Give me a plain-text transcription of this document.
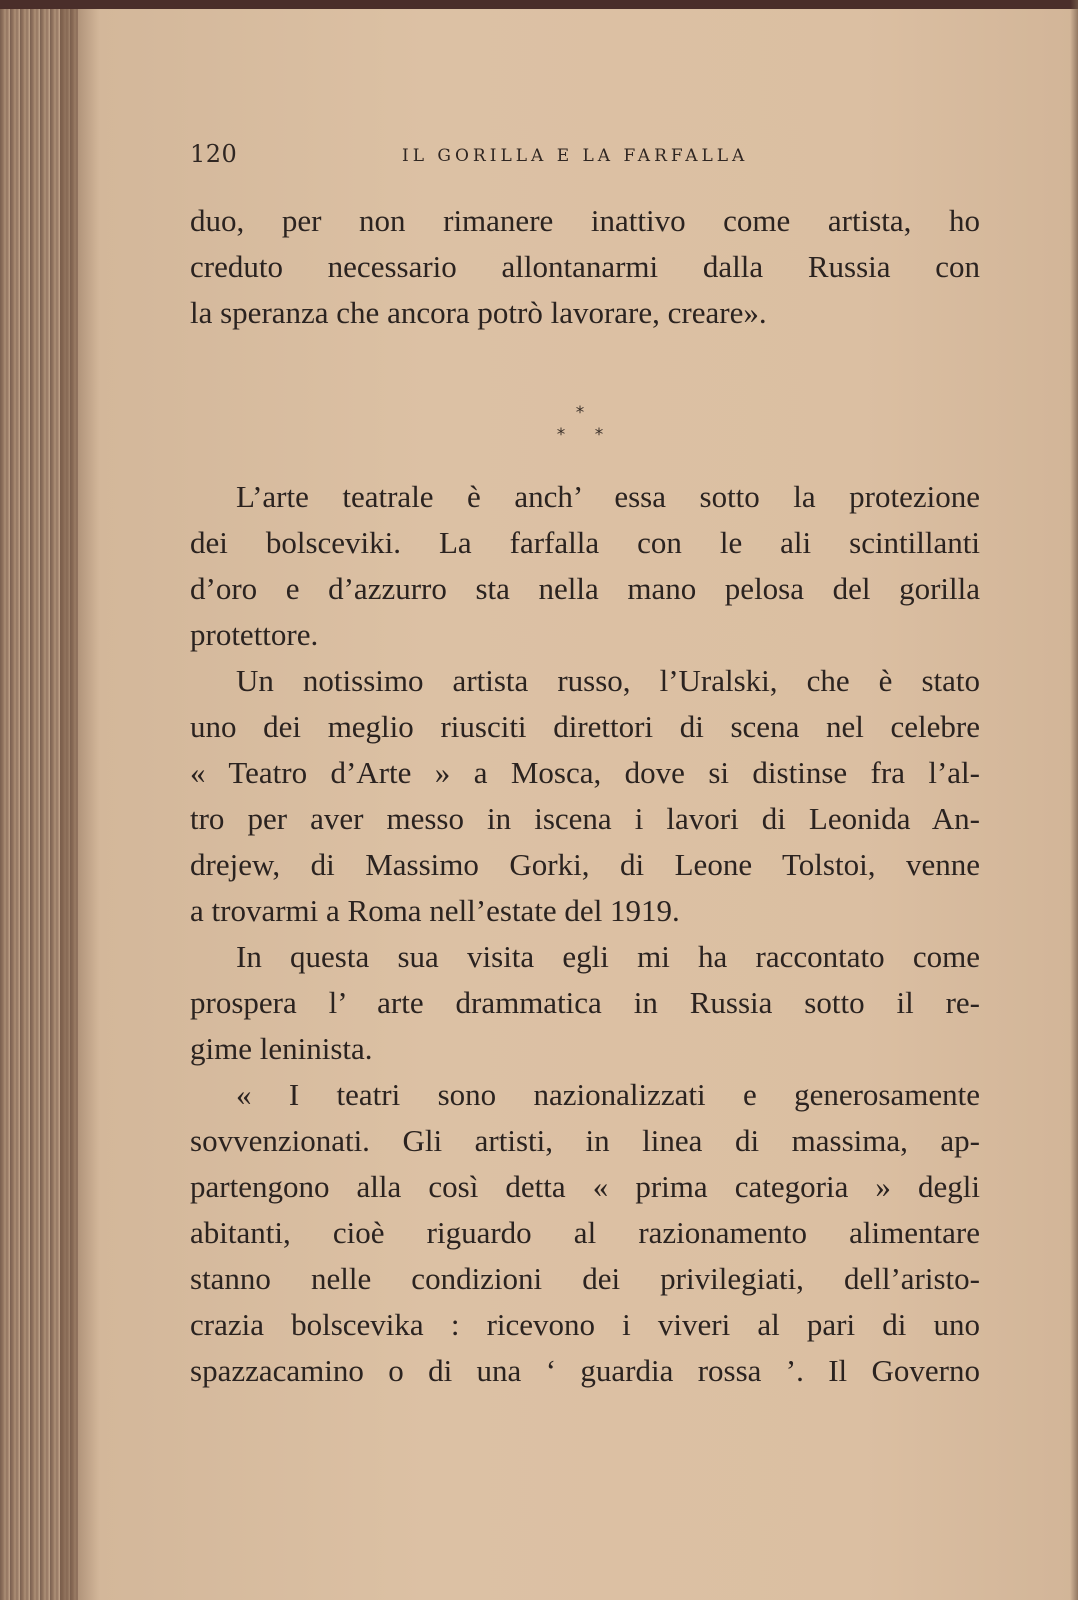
120	IL GORILLA E LA FARFALLA
*
* *
duo, per non rimanere inattivo come artista, ho
creduto necessario allontanarmi dalla Russia con
la speranza che ancora potrò lavorare, creare».
L’arte teatrale è anch’ essa sotto la protezione
dei bolsceviki. La farfalla con le ali scintillanti
d’oro e d’azzurro sta nella mano pelosa del gorilla
protettore.
Un notissimo artista russo, l’Uralski, che è stato
uno dei meglio riusciti direttori di scena nel celebre
« Teatro d’Arte » a Mosca, dove si distinse fra l’al-
tro per aver messo in iscena i lavori di Leonida An-
drejew, di Massimo Gorki, di Leone Tolstoi, venne
a trovarmi a Roma nell’estate del 1919.
In questa sua visita egli mi ha raccontato come
prospera l’ arte drammatica in Russia sotto il re-
gime leninista.
« I teatri sono nazionalizzati e generosamente
sovvenzionati. Gli artisti, in linea di massima, ap-
partengono alla così detta « prima categoria » degli
abitanti, cioè riguardo al razionamento alimentare
stanno nelle condizioni dei privilegiati, dell’aristo-
crazia bolscevika : ricevono i viveri al pari di uno
spazzacamino o di una ‘ guardia rossa ’. Il Governo
